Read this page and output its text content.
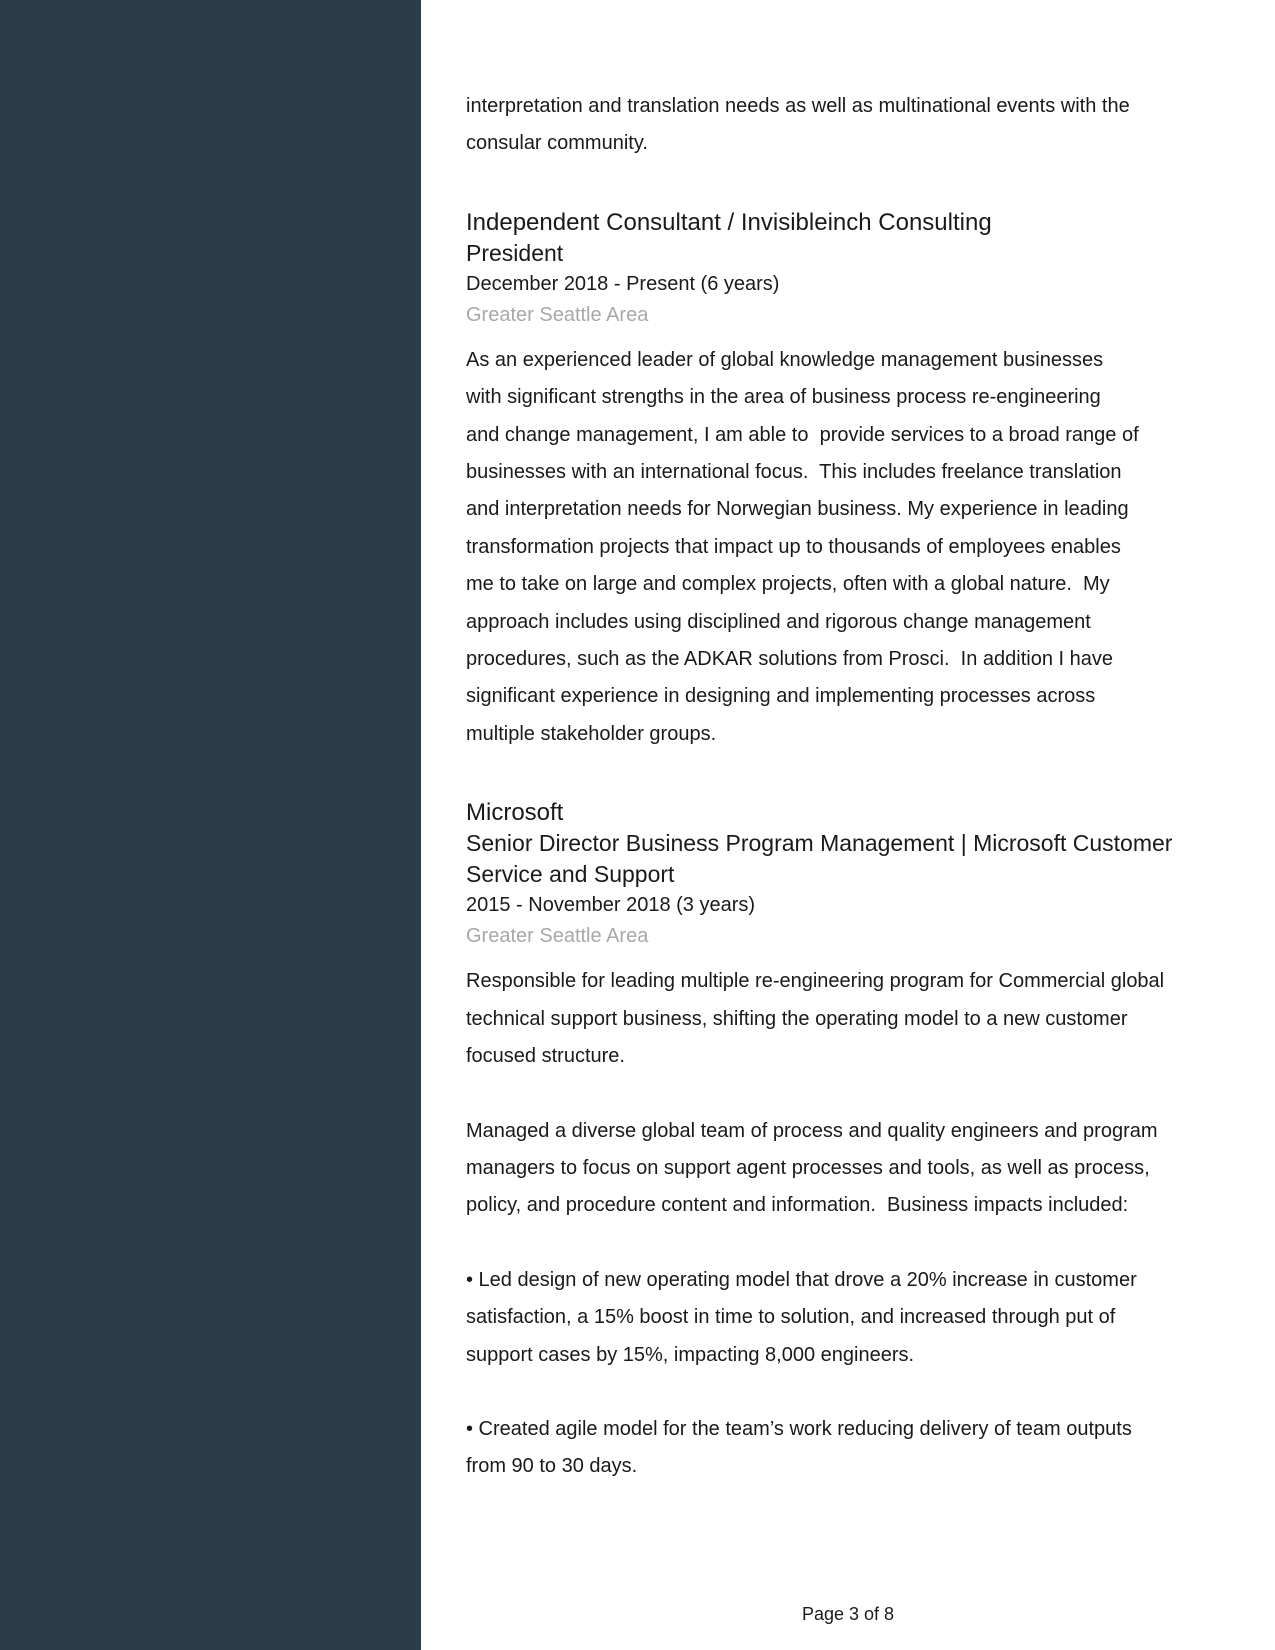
interpretation and translation needs as well as multinational events with the

consular community.

Independent Consultant / Invisibleinch Consulting

President

December 2018 - Present (6 years)

Greater Seattle Area

As an experienced leader of global knowledge management businesses

with significant strengths in the area of business process re-engineering

and change management, I am able to  provide services to a broad range of

businesses with an international focus.  This includes freelance translation

and interpretation needs for Norwegian business. My experience in leading

transformation projects that impact up to thousands of employees enables

me to take on large and complex projects, often with a global nature.  My

approach includes using disciplined and rigorous change management

procedures, such as the ADKAR solutions from Prosci.  In addition I have

significant experience in designing and implementing processes across

multiple stakeholder groups.

Microsoft

Senior Director Business Program Management | Microsoft Customer

Service and Support

2015 - November 2018 (3 years)

Greater Seattle Area

Responsible for leading multiple re-engineering program for Commercial global

technical support business, shifting the operating model to a new customer

focused structure.

Managed a diverse global team of process and quality engineers and program

managers to focus on support agent processes and tools, as well as process,

policy, and procedure content and information.  Business impacts included:

• Led design of new operating model that drove a 20% increase in customer

satisfaction, a 15% boost in time to solution, and increased through put of

support cases by 15%, impacting 8,000 engineers.

• Created agile model for the team’s work reducing delivery of team outputs

from 90 to 30 days.

Page 3 of 8
